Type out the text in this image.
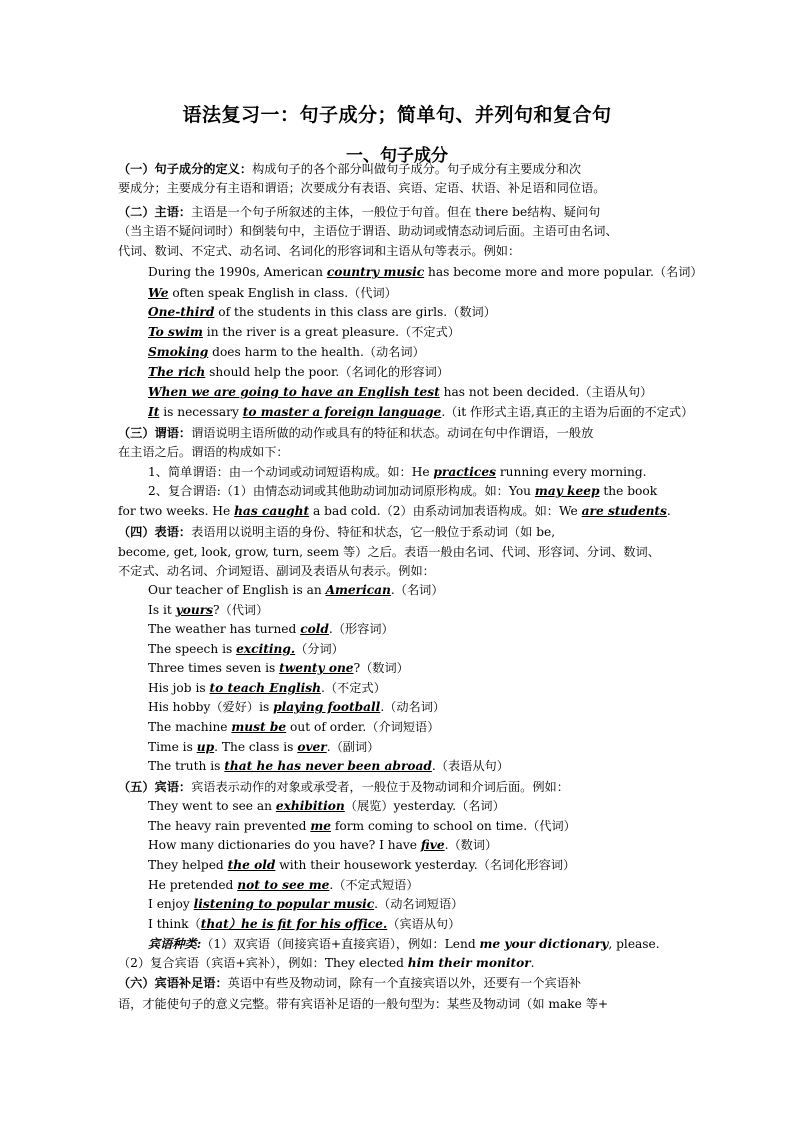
语法复习一：句子成分；简单句、并列句和复合句
一、句子成分
（一）句子成分的定义：构成句子的各个部分叫做句子成分。句子成分有主要成分和次
要成分；主要成分有主语和谓语；次要成分有表语、宾语、定语、状语、补足语和同位语。
（二）主语：主语是一个句子所叙述的主体，一般位于句首。但在 there be结构、疑问句
（当主语不疑问词时）和倒装句中，主语位于谓语、助动词或情态动词后面。主语可由名词、
代词、数词、不定式、动名词、名词化的形容词和主语从句等表示。例如：
During the 1990s, American country music has become more and more popular.（名词）
We often speak English in class.（代词）
One-third of the students in this class are girls.（数词）
To swim in the river is a great pleasure.（不定式）
Smoking does harm to the health.（动名词）
The rich should help the poor.（名词化的形容词）
When we are going to have an English test has not been decided.（主语从句）
It is necessary to master a foreign language.（it 作形式主语,真正的主语为后面的不定式）
（三）谓语：谓语说明主语所做的动作或具有的特征和状态。动词在句中作谓语，一般放
在主语之后。谓语的构成如下：
1、简单谓语：由一个动词或动词短语构成。如：He practices running every morning.
2、复合谓语:（1）由情态动词或其他助动词加动词原形构成。如：You may keep the book
for two weeks. He has caught a bad cold.（2）由系动词加表语构成。如：We are students.
（四）表语：表语用以说明主语的身份、特征和状态，它一般位于系动词（如 be,
become, get, look, grow, turn, seem 等）之后。表语一般由名词、代词、形容词、分词、数词、
不定式、动名词、介词短语、副词及表语从句表示。例如：
Our teacher of English is an American.（名词）
Is it yours?（代词）
The weather has turned cold.（形容词）
The speech is exciting.（分词）
Three times seven is twenty one?（数词）
His job is to teach English.（不定式）
His hobby（爱好）is playing football.（动名词）
The machine must be out of order.（介词短语）
Time is up. The class is over.（副词）
The truth is that he has never been abroad.（表语从句）
（五）宾语：宾语表示动作的对象或承受者，一般位于及物动词和介词后面。例如：
They went to see an exhibition（展览）yesterday.（名词）
The heavy rain prevented me form coming to school on time.（代词）
How many dictionaries do you have? I have five.（数词）
They helped the old with their housework yesterday.（名词化形容词）
He pretended not to see me.（不定式短语）
I enjoy listening to popular music.（动名词短语）
I think（that）he is fit for his office.（宾语从句）
宾语种类:（1）双宾语（间接宾语+直接宾语），例如：Lend me your dictionary, please.
（2）复合宾语（宾语+宾补），例如：They elected him their monitor.
（六）宾语补足语：英语中有些及物动词，除有一个直接宾语以外，还要有一个宾语补
语，才能使句子的意义完整。带有宾语补足语的一般句型为：某些及物动词（如 make 等+
